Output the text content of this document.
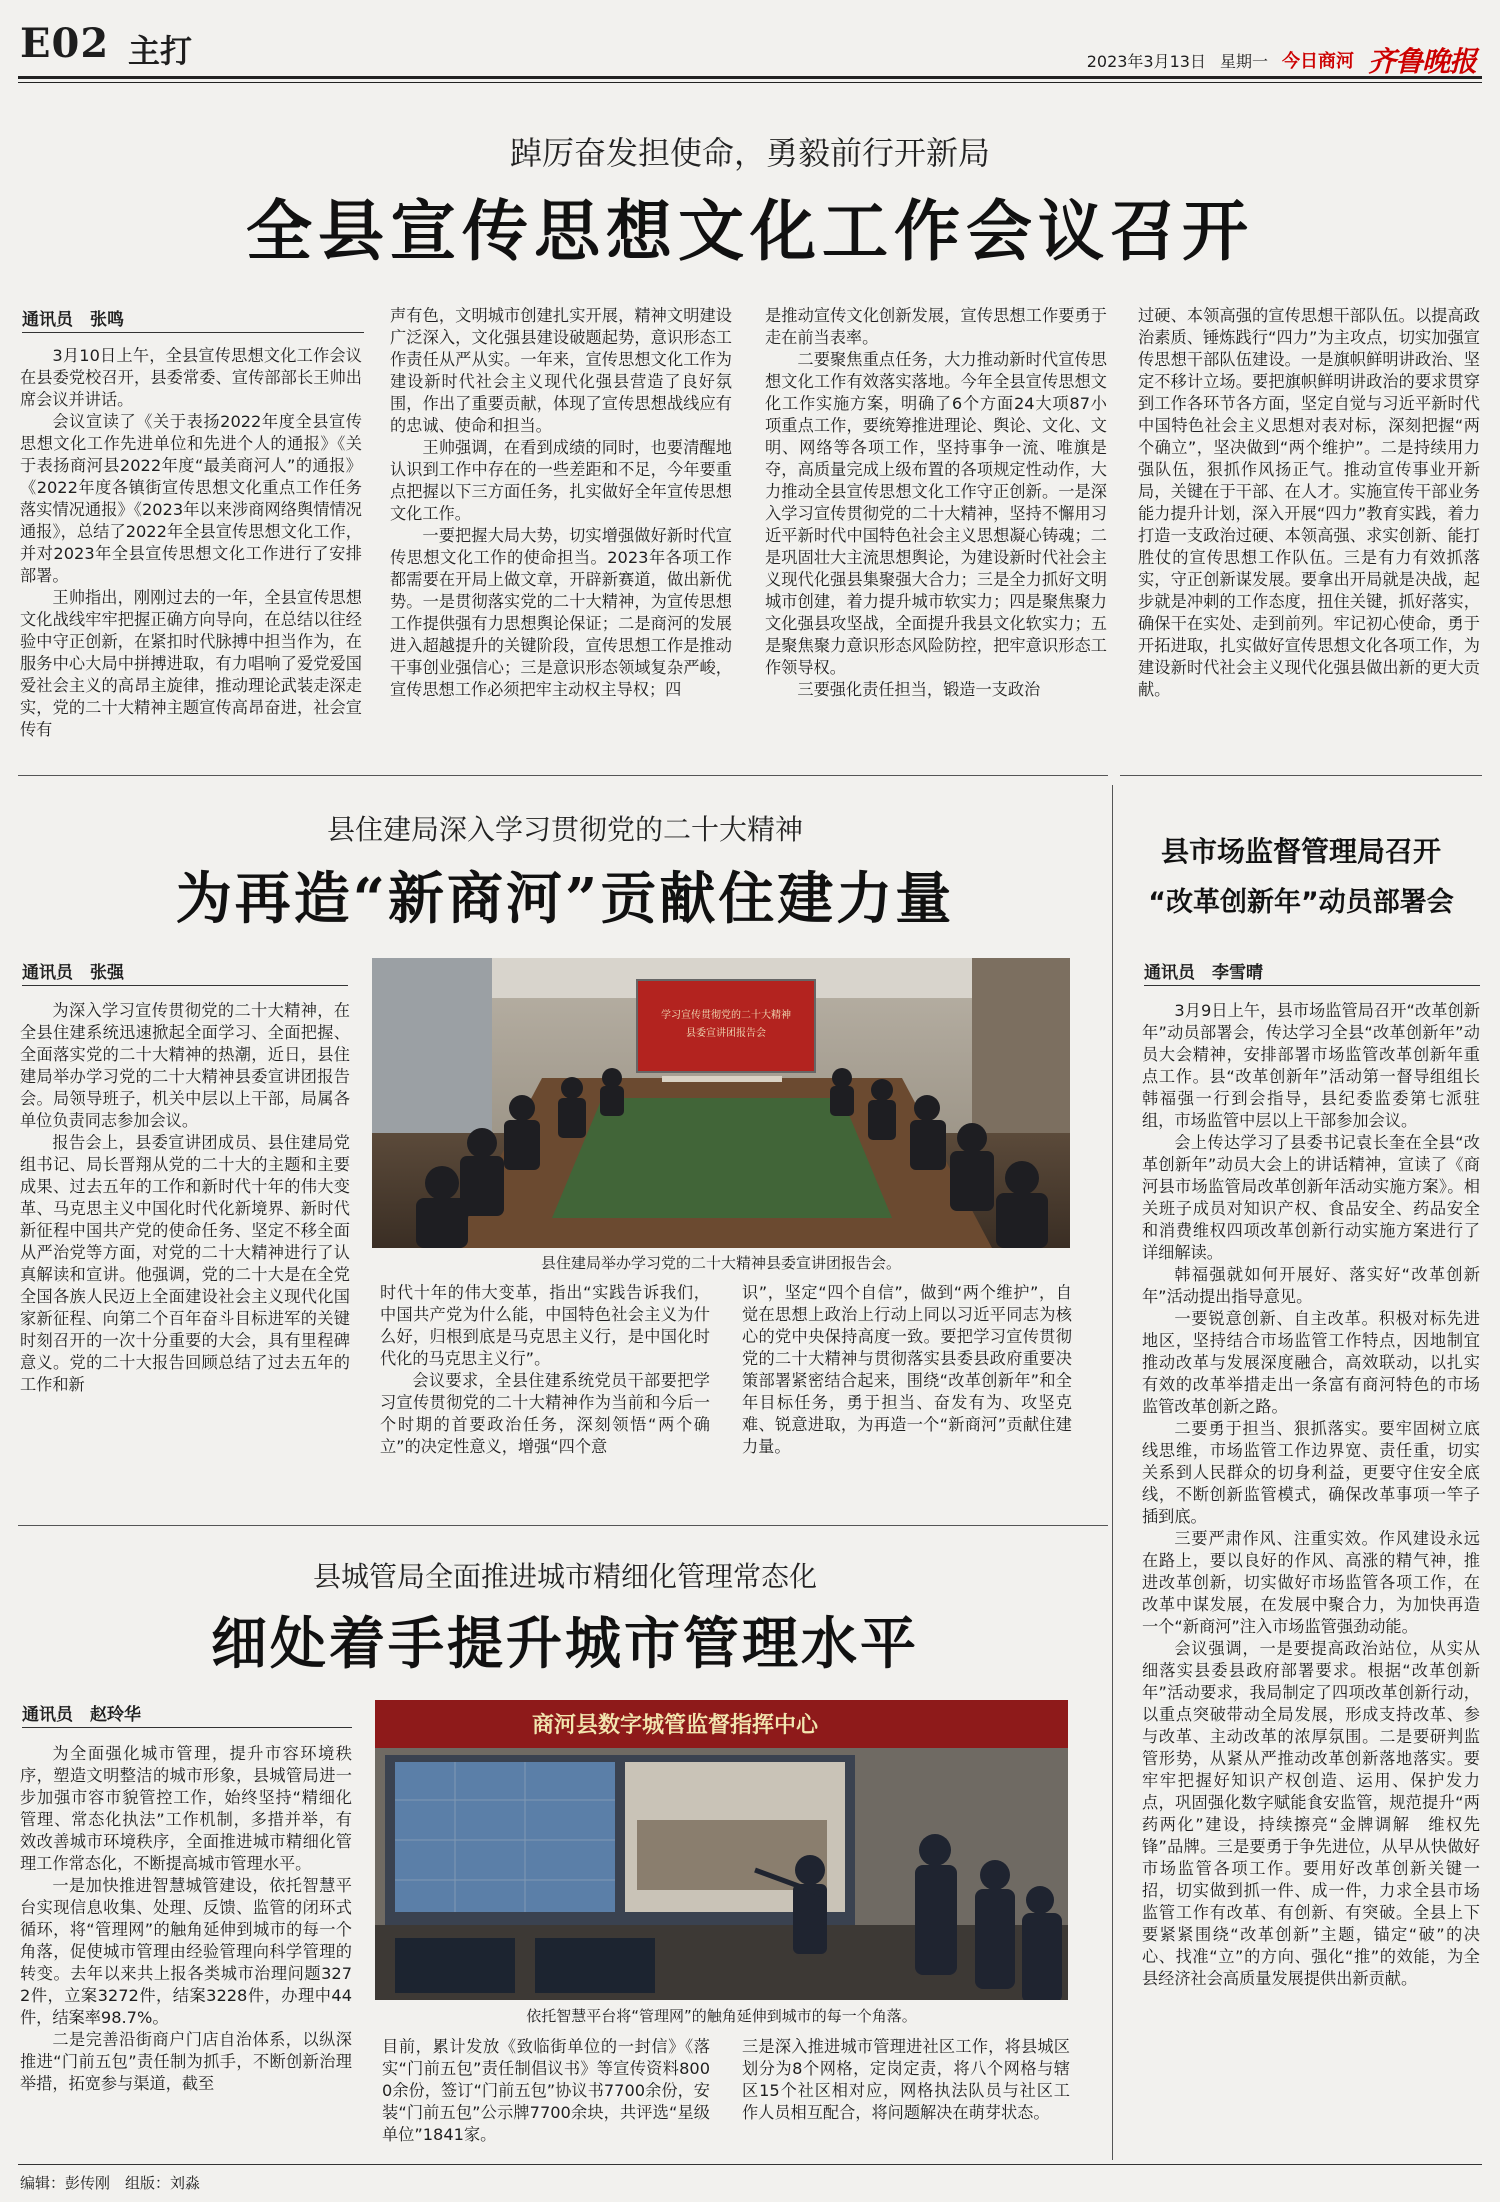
E02 主打	2023年3月13日 星期一 今日商河 齐鲁晚报
踔厉奋发担使命，勇毅前行开新局
全县宣传思想文化工作会议召开
通讯员　张鸣

3月10日上午，全县宣传思想文化工作会议在县委党校召开，县委常委、宣传部部长王帅出席会议并讲话。

会议宣读了《关于表扬2022年度全县宣传思想文化工作先进单位和先进个人的通报》《关于表扬商河县2022年度“最美商河人”的通报》《2022年度各镇街宣传思想文化重点工作任务落实情况通报》《2023年以来涉商网络舆情情况通报》，总结了2022年全县宣传思想文化工作，并对2023年全县宣传思想文化工作进行了安排部署。

王帅指出，刚刚过去的一年，全县宣传思想文化战线牢牢把握正确方向导向，在总结以往经验中守正创新，在紧扣时代脉搏中担当作为，在服务中心大局中拼搏进取，有力唱响了爱党爱国爱社会主义的高昂主旋律，推动理论武装走深走实，党的二十大精神主题宣传高昂奋进，社会宣传有

声有色，文明城市创建扎实开展，精神文明建设广泛深入，文化强县建设破题起势，意识形态工作责任从严从实。一年来，宣传思想文化工作为建设新时代社会主义现代化强县营造了良好氛围，作出了重要贡献，体现了宣传思想战线应有的忠诚、使命和担当。

王帅强调，在看到成绩的同时，也要清醒地认识到工作中存在的一些差距和不足，今年要重点把握以下三方面任务，扎实做好全年宣传思想文化工作。

一要把握大局大势，切实增强做好新时代宣传思想文化工作的使命担当。2023年各项工作都需要在开局上做文章，开辟新赛道，做出新优势。一是贯彻落实党的二十大精神，为宣传思想工作提供强有力思想舆论保证；二是商河的发展进入超越提升的关键阶段，宣传思想工作是推动干事创业强信心；三是意识形态领域复杂严峻，宣传思想工作必须把牢主动权主导权；四

是推动宣传文化创新发展，宣传思想工作要勇于走在前当表率。

二要聚焦重点任务，大力推动新时代宣传思想文化工作有效落实落地。今年全县宣传思想文化工作实施方案，明确了6个方面24大项87小项重点工作，要统筹推进理论、舆论、文化、文明、网络等各项工作，坚持事争一流、唯旗是夺，高质量完成上级布置的各项规定性动作，大力推动全县宣传思想文化工作守正创新。一是深入学习宣传贯彻党的二十大精神，坚持不懈用习近平新时代中国特色社会主义思想凝心铸魂；二是巩固壮大主流思想舆论，为建设新时代社会主义现代化强县集聚强大合力；三是全力抓好文明城市创建，着力提升城市软实力；四是聚焦聚力文化强县攻坚战，全面提升我县文化软实力；五是聚焦聚力意识形态风险防控，把牢意识形态工作领导权。

三要强化责任担当，锻造一支政治

过硬、本领高强的宣传思想干部队伍。以提高政治素质、锤炼践行“四力”为主攻点，切实加强宣传思想干部队伍建设。一是旗帜鲜明讲政治、坚定不移计立场。要把旗帜鲜明讲政治的要求贯穿到工作各环节各方面，坚定自觉与习近平新时代中国特色社会主义思想对表对标，深刻把握“两个确立”，坚决做到“两个维护”。二是持续用力强队伍，狠抓作风扬正气。推动宣传事业开新局，关键在于干部、在人才。实施宣传干部业务能力提升计划，深入开展“四力”教育实践，着力打造一支政治过硬、本领高强、求实创新、能打胜仗的宣传思想工作队伍。三是有力有效抓落实，守正创新谋发展。要拿出开局就是决战，起步就是冲刺的工作态度，扭住关键，抓好落实，确保干在实处、走到前列。牢记初心使命，勇于开拓进取，扎实做好宣传思想文化各项工作，为建设新时代社会主义现代化强县做出新的更大贡献。

县住建局深入学习贯彻党的二十大精神
为再造“新商河”贡献住建力量
通讯员　张强

为深入学习宣传贯彻党的二十大精神，在全县住建系统迅速掀起全面学习、全面把握、全面落实党的二十大精神的热潮，近日，县住建局举办学习党的二十大精神县委宣讲团报告会。局领导班子，机关中层以上干部，局属各单位负责同志参加会议。

报告会上，县委宣讲团成员、县住建局党组书记、局长晋翔从党的二十大的主题和主要成果、过去五年的工作和新时代十年的伟大变革、马克思主义中国化时代化新境界、新时代新征程中国共产党的使命任务、坚定不移全面从严治党等方面，对党的二十大精神进行了认真解读和宣讲。他强调，党的二十大是在全党全国各族人民迈上全面建设社会主义现代化国家新征程、向第二个百年奋斗目标进军的关键时刻召开的一次十分重要的大会，具有里程碑意义。党的二十大报告回顾总结了过去五年的工作和新

学习宣传贯彻党的二十大精神
县委宣讲团报告会
县住建局举办学习党的二十大精神县委宣讲团报告会。

时代十年的伟大变革，指出“实践告诉我们，中国共产党为什么能，中国特色社会主义为什么好，归根到底是马克思主义行，是中国化时代化的马克思主义行”。

会议要求，全县住建系统党员干部要把学习宣传贯彻党的二十大精神作为当前和今后一个时期的首要政治任务，深刻领悟“两个确立”的决定性意义，增强“四个意

识”，坚定“四个自信”，做到“两个维护”，自觉在思想上政治上行动上同以习近平同志为核心的党中央保持高度一致。要把学习宣传贯彻党的二十大精神与贯彻落实县委县政府重要决策部署紧密结合起来，围绕“改革创新年”和全年目标任务，勇于担当、奋发有为、攻坚克难、锐意进取，为再造一个“新商河”贡献住建力量。

县城管局全面推进城市精细化管理常态化
细处着手提升城市管理水平
通讯员　赵玲华

为全面强化城市管理，提升市容环境秩序，塑造文明整洁的城市形象，县城管局进一步加强市容市貌管控工作，始终坚持“精细化管理、常态化执法”工作机制，多措并举，有效改善城市环境秩序，全面推进城市精细化管理工作常态化，不断提高城市管理水平。

一是加快推进智慧城管建设，依托智慧平台实现信息收集、处理、反馈、监管的闭环式循环，将“管理网”的触角延伸到城市的每一个角落，促使城市管理由经验管理向科学管理的转变。去年以来共上报各类城市治理问题3272件，立案3272件，结案3228件，办理中44件，结案率98.7%。

二是完善沿街商户门店自治体系，以纵深推进“门前五包”责任制为抓手，不断创新治理举措，拓宽参与渠道，截至

商河县数字城管监督指挥中心
依托智慧平台将“管理网”的触角延伸到城市的每一个角落。

目前，累计发放《致临街单位的一封信》《落实“门前五包”责任制倡议书》等宣传资料8000余份，签订“门前五包”协议书7700余份，安装“门前五包”公示牌7700余块，共评选“星级单位”1841家。

三是深入推进城市管理进社区工作，将县城区划分为8个网格，定岗定责，将八个网格与辖区15个社区相对应，网格执法队员与社区工作人员相互配合，将问题解决在萌芽状态。

县市场监督管理局召开
“改革创新年”动员部署会
通讯员　李雪晴

3月9日上午，县市场监管局召开“改革创新年”动员部署会，传达学习全县“改革创新年”动员大会精神，安排部署市场监管改革创新年重点工作。县“改革创新年”活动第一督导组组长韩福强一行到会指导，县纪委监委第七派驻组，市场监管中层以上干部参加会议。

会上传达学习了县委书记袁长奎在全县“改革创新年”动员大会上的讲话精神，宣读了《商河县市场监管局改革创新年活动实施方案》。相关班子成员对知识产权、食品安全、药品安全和消费维权四项改革创新行动实施方案进行了详细解读。

韩福强就如何开展好、落实好“改革创新年”活动提出指导意见。

一要锐意创新、自主改革。积极对标先进地区，坚持结合市场监管工作特点，因地制宜推动改革与发展深度融合，高效联动，以扎实有效的改革举措走出一条富有商河特色的市场监管改革创新之路。

二要勇于担当、狠抓落实。要牢固树立底线思维，市场监管工作边界宽、责任重，切实关系到人民群众的切身利益，更要守住安全底线，不断创新监管模式，确保改革事项一竿子插到底。

三要严肃作风、注重实效。作风建设永远在路上，要以良好的作风、高涨的精气神，推进改革创新，切实做好市场监管各项工作，在改革中谋发展，在发展中聚合力，为加快再造一个“新商河”注入市场监管强劲动能。

会议强调，一是要提高政治站位，从实从细落实县委县政府部署要求。根据“改革创新年”活动要求，我局制定了四项改革创新行动，以重点突破带动全局发展，形成支持改革、参与改革、主动改革的浓厚氛围。二是要研判监管形势，从紧从严推动改革创新落地落实。要牢牢把握好知识产权创造、运用、保护发力点，巩固强化数字赋能食安监管，规范提升“两药两化”建设，持续擦亮“金牌调解　维权先锋”品牌。三是要勇于争先进位，从早从快做好市场监管各项工作。要用好改革创新关键一招，切实做到抓一件、成一件，力求全县市场监管工作有改革、有创新、有突破。全县上下要紧紧围绕“改革创新”主题，锚定“破”的决心、找准“立”的方向、强化“推”的效能，为全县经济社会高质量发展提供出新贡献。

编辑：彭传刚　组版：刘淼
